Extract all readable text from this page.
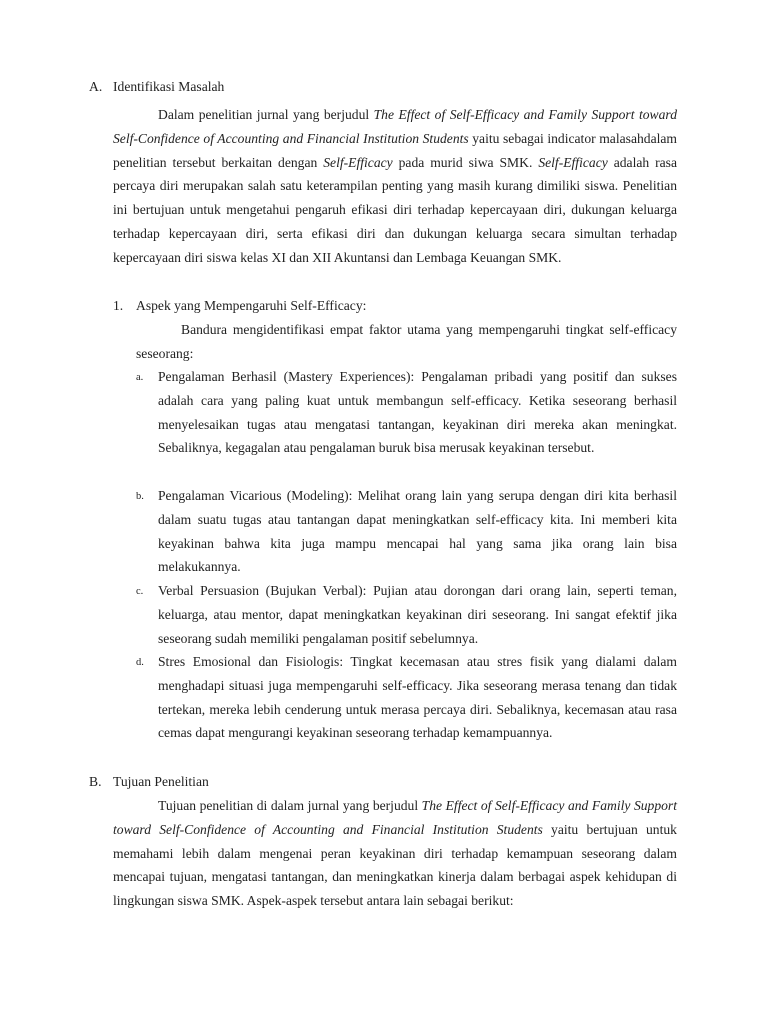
A. Identifikasi Masalah

Dalam penelitian jurnal yang berjudul The Effect of Self-Efficacy and Family Support toward Self-Confidence of Accounting and Financial Institution Students yaitu sebagai indicator malasahdalam penelitian tersebut berkaitan dengan Self-Efficacy pada murid siwa SMK. Self-Efficacy adalah rasa percaya diri merupakan salah satu keterampilan penting yang masih kurang dimiliki siswa. Penelitian ini bertujuan untuk mengetahui pengaruh efikasi diri terhadap kepercayaan diri, dukungan keluarga terhadap kepercayaan diri, serta efikasi diri dan dukungan keluarga secara simultan terhadap kepercayaan diri siswa kelas XI dan XII Akuntansi dan Lembaga Keuangan SMK.

1. Aspek yang Mempengaruhi Self-Efficacy:

Bandura mengidentifikasi empat faktor utama yang mempengaruhi tingkat self-efficacy seseorang:

a. Pengalaman Berhasil (Mastery Experiences): Pengalaman pribadi yang positif dan sukses adalah cara yang paling kuat untuk membangun self-efficacy. Ketika seseorang berhasil menyelesaikan tugas atau mengatasi tantangan, keyakinan diri mereka akan meningkat. Sebaliknya, kegagalan atau pengalaman buruk bisa merusak keyakinan tersebut.

b. Pengalaman Vicarious (Modeling): Melihat orang lain yang serupa dengan diri kita berhasil dalam suatu tugas atau tantangan dapat meningkatkan self-efficacy kita. Ini memberi kita keyakinan bahwa kita juga mampu mencapai hal yang sama jika orang lain bisa melakukannya.

c. Verbal Persuasion (Bujukan Verbal): Pujian atau dorongan dari orang lain, seperti teman, keluarga, atau mentor, dapat meningkatkan keyakinan diri seseorang. Ini sangat efektif jika seseorang sudah memiliki pengalaman positif sebelumnya.

d. Stres Emosional dan Fisiologis: Tingkat kecemasan atau stres fisik yang dialami dalam menghadapi situasi juga mempengaruhi self-efficacy. Jika seseorang merasa tenang dan tidak tertekan, mereka lebih cenderung untuk merasa percaya diri. Sebaliknya, kecemasan atau rasa cemas dapat mengurangi keyakinan seseorang terhadap kemampuannya.

B. Tujuan Penelitian

Tujuan penelitian di dalam jurnal yang berjudul The Effect of Self-Efficacy and Family Support toward Self-Confidence of Accounting and Financial Institution Students yaitu bertujuan untuk memahami lebih dalam mengenai peran keyakinan diri terhadap kemampuan seseorang dalam mencapai tujuan, mengatasi tantangan, dan meningkatkan kinerja dalam berbagai aspek kehidupan di lingkungan siswa SMK. Aspek-aspek tersebut antara lain sebagai berikut:
